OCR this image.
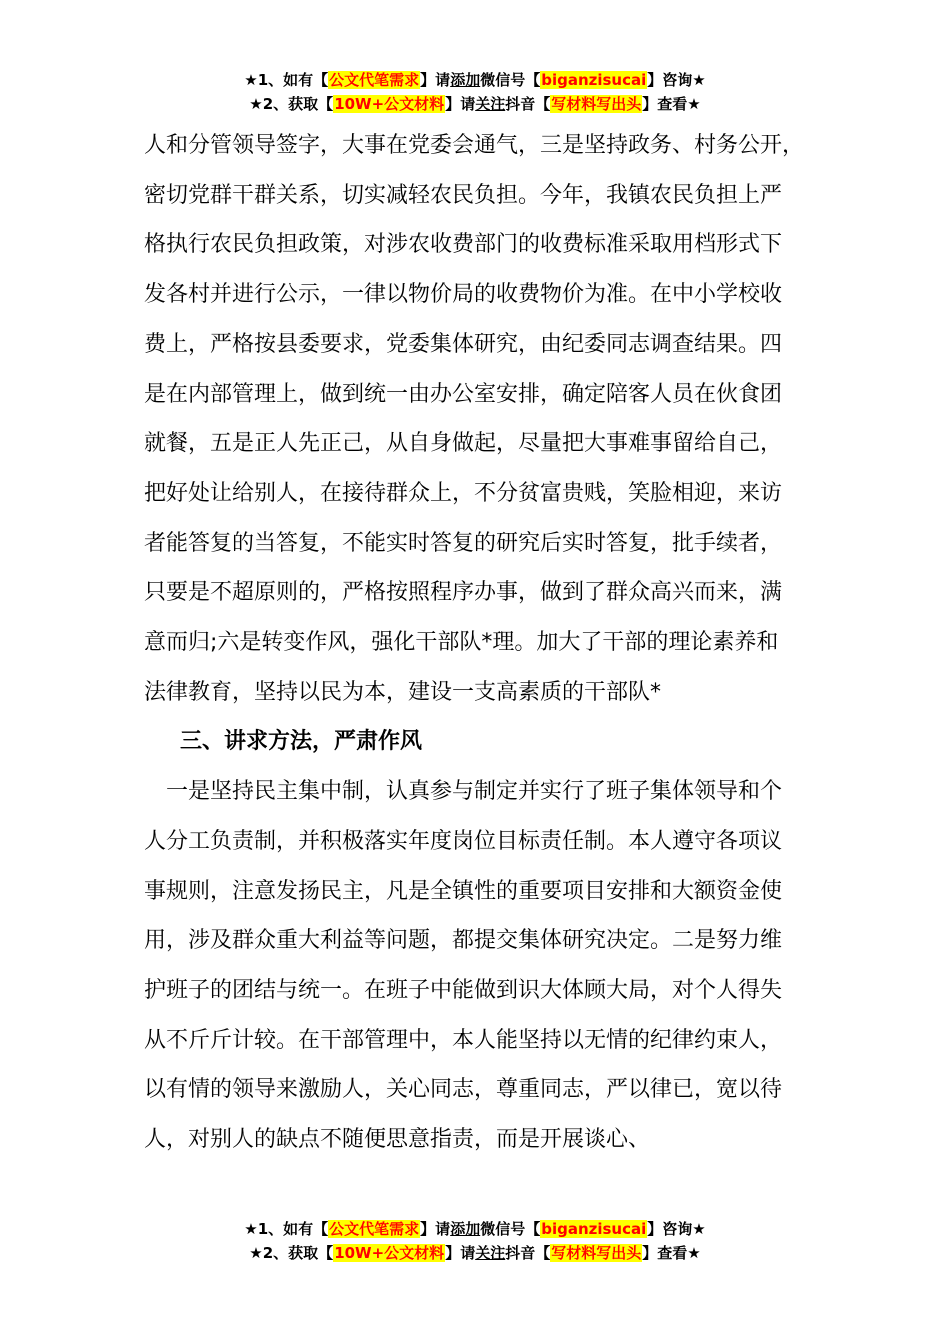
★1、如有【公文代笔需求】请添加微信号【biganzisucai】咨询★
★2、获取【10W+公文材料】请关注抖音【写材料写出头】查看★

人和分管领导签字，大事在党委会通气，三是坚持政务、村务公开，
密切党群干群关系，切实减轻农民负担。今年，我镇农民负担上严
格执行农民负担政策，对涉农收费部门的收费标准采取用档形式下
发各村并进行公示，一律以物价局的收费物价为准。在中小学校收
费上，严格按县委要求，党委集体研究，由纪委同志调查结果。四
是在内部管理上，做到统一由办公室安排，确定陪客人员在伙食团
就餐，五是正人先正己，从自身做起，尽量把大事难事留给自己，
把好处让给别人，在接待群众上，不分贫富贵贱，笑脸相迎，来访
者能答复的当答复，不能实时答复的研究后实时答复，批手续者，
只要是不超原则的，严格按照程序办事，做到了群众高兴而来，满
意而归;六是转变作风，强化干部队*理。加大了干部的理论素养和
法律教育，坚持以民为本，建设一支高素质的干部队*

三、讲求方法，严肃作风

　一是坚持民主集中制，认真参与制定并实行了班子集体领导和个
人分工负责制，并积极落实年度岗位目标责任制。本人遵守各项议
事规则，注意发扬民主，凡是全镇性的重要项目安排和大额资金使
用，涉及群众重大利益等问题，都提交集体研究决定。二是努力维
护班子的团结与统一。在班子中能做到识大体顾大局，对个人得失
从不斤斤计较。在干部管理中，本人能坚持以无情的纪律约束人，
以有情的领导来激励人，关心同志，尊重同志，严以律已，宽以待
人，对别人的缺点不随便思意指责，而是开展谈心、

★1、如有【公文代笔需求】请添加微信号【biganzisucai】咨询★
★2、获取【10W+公文材料】请关注抖音【写材料写出头】查看★
